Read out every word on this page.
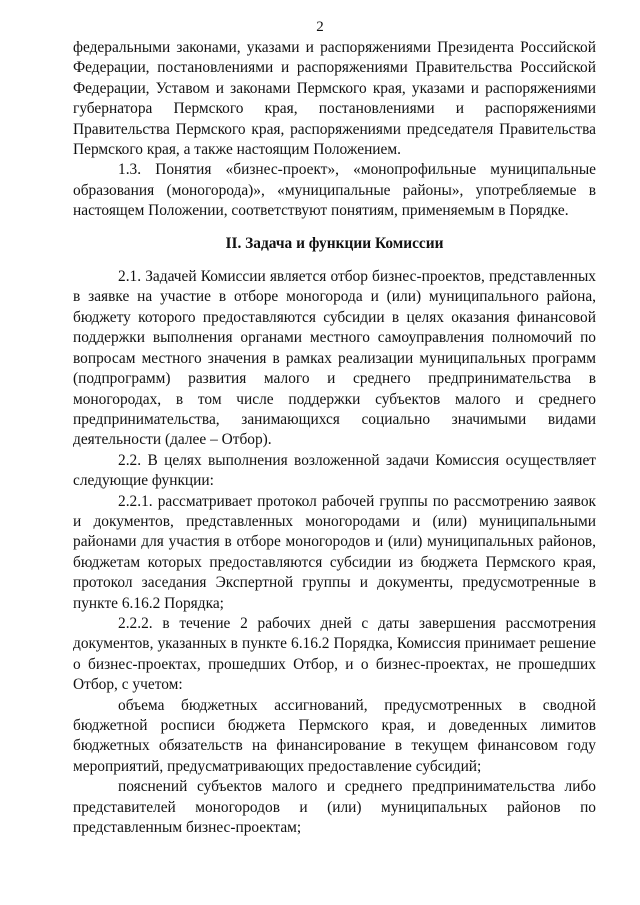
2

федеральными законами, указами и распоряжениями Президента Российской Федерации, постановлениями и распоряжениями Правительства Российской Федерации, Уставом и законами Пермского края, указами и распоряжениями губернатора Пермского края, постановлениями и распоряжениями Правительства Пермского края, распоряжениями председателя Правительства Пермского края, а также настоящим Положением.

1.3. Понятия «бизнес-проект», «монопрофильные муниципальные образования (моногорода)», «муниципальные районы», употребляемые в настоящем Положении, соответствуют понятиям, применяемым в Порядке.

II. Задача и функции Комиссии

2.1. Задачей Комиссии является отбор бизнес-проектов, представленных в заявке на участие в отборе моногорода и (или) муниципального района, бюджету которого предоставляются субсидии в целях оказания финансовой поддержки выполнения органами местного самоуправления полномочий по вопросам местного значения в рамках реализации муниципальных программ (подпрограмм) развития малого и среднего предпринимательства в моногородах, в том числе поддержки субъектов малого и среднего предпринимательства, занимающихся социально значимыми видами деятельности (далее – Отбор).

2.2. В целях выполнения возложенной задачи Комиссия осуществляет следующие функции:

2.2.1. рассматривает протокол рабочей группы по рассмотрению заявок и документов, представленных моногородами и (или) муниципальными районами для участия в отборе моногородов и (или) муниципальных районов, бюджетам которых предоставляются субсидии из бюджета Пермского края, протокол заседания Экспертной группы и документы, предусмотренные в пункте 6.16.2 Порядка;

2.2.2. в течение 2 рабочих дней с даты завершения рассмотрения документов, указанных в пункте 6.16.2 Порядка, Комиссия принимает решение о бизнес-проектах, прошедших Отбор, и о бизнес-проектах, не прошедших Отбор, с учетом:

объема бюджетных ассигнований, предусмотренных в сводной бюджетной росписи бюджета Пермского края, и доведенных лимитов бюджетных обязательств на финансирование в текущем финансовом году мероприятий, предусматривающих предоставление субсидий;

пояснений субъектов малого и среднего предпринимательства либо представителей моногородов и (или) муниципальных районов по представленным бизнес-проектам;
